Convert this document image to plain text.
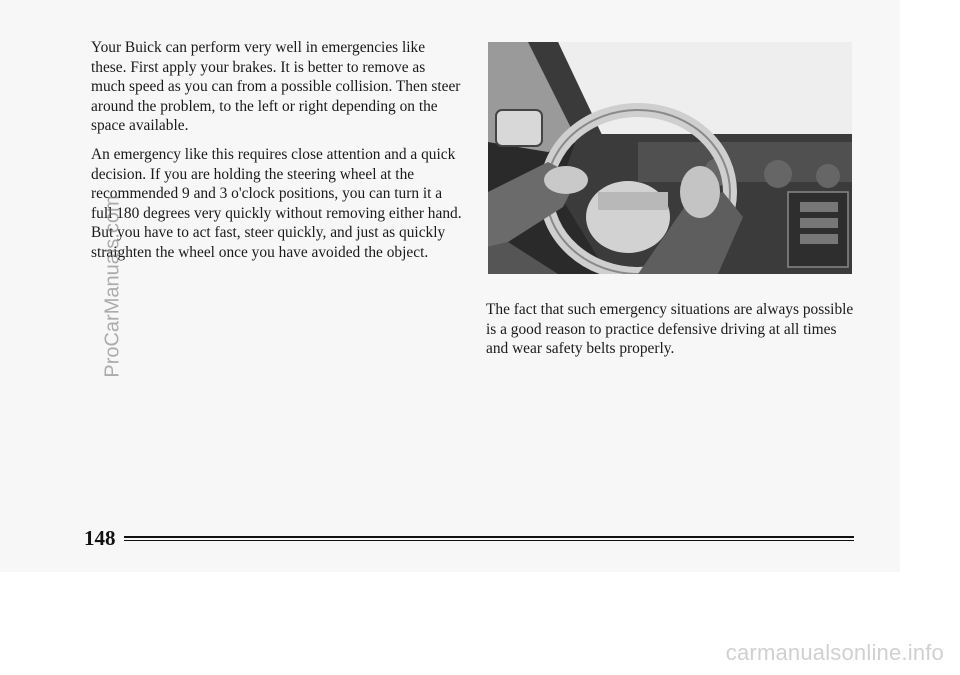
Your Buick can perform very well in emergencies like these. First apply your brakes. It is better to remove as much speed as you can from a possible collision. Then steer around the problem, to the left or right depending on the space available.

An emergency like this requires close attention and a quick decision. If you are holding the steering wheel at the recommended 9 and 3 o'clock positions, you can turn it a full 180 degrees very quickly without removing either hand. But you have to act fast, steer quickly, and just as quickly straighten the wheel once you have avoided the object.

The fact that such emergency situations are always possible is a good reason to practice defensive driving at all times and wear safety belts properly.

148
ProCarManuals.com
carmanualsonline.info
